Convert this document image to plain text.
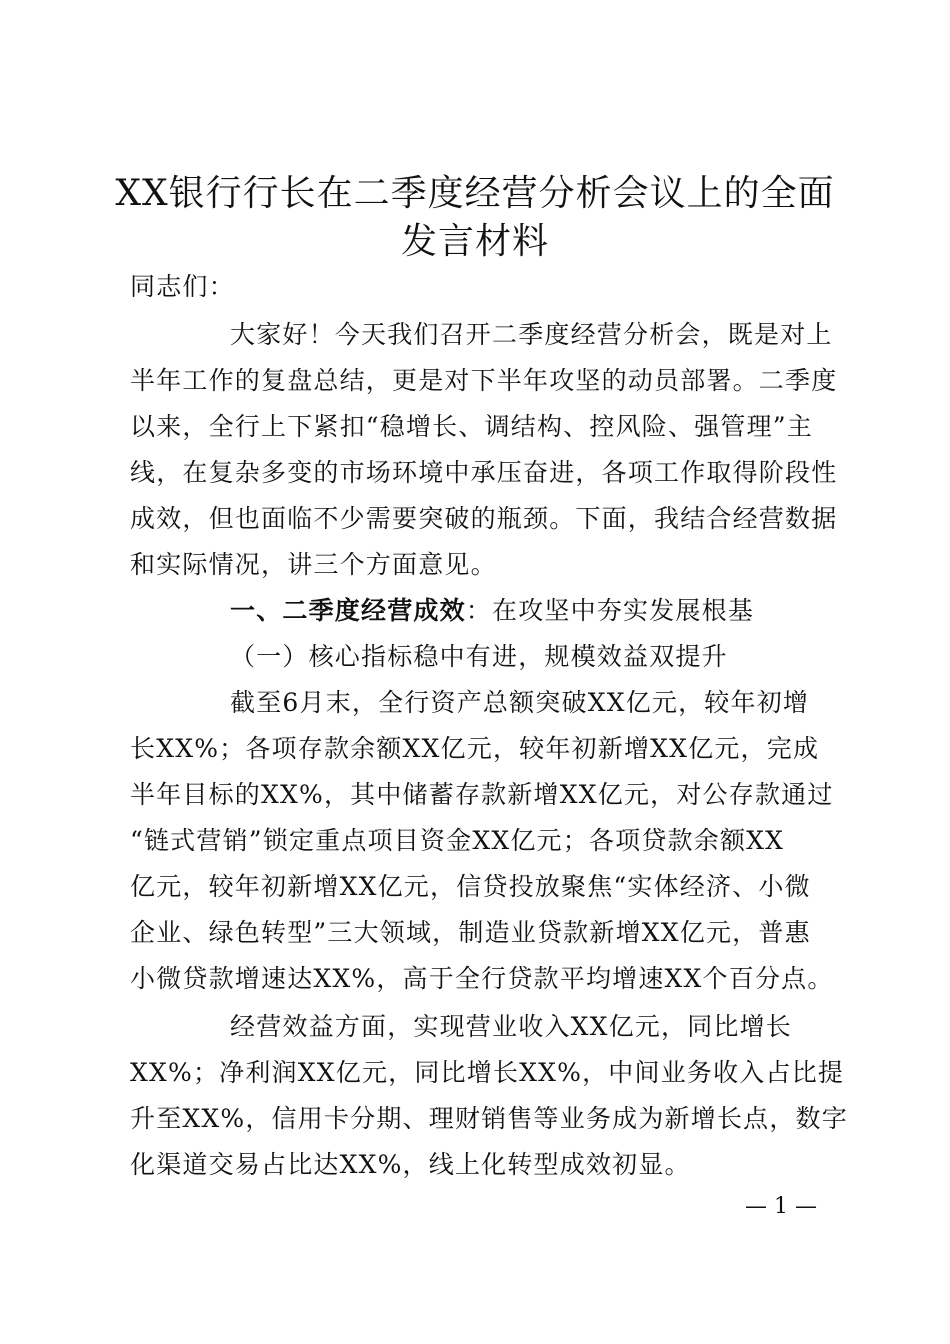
XX银行行长在二季度经营分析会议上的全面
发言材料
同志们：
大家好！今天我们召开二季度经营分析会，既是对上
半年工作的复盘总结，更是对下半年攻坚的动员部署。二季度
以来，全行上下紧扣“稳增长、调结构、控风险、强管理”主
线，在复杂多变的市场环境中承压奋进，各项工作取得阶段性
成效，但也面临不少需要突破的瓶颈。下面，我结合经营数据
和实际情况，讲三个方面意见。
一、二季度经营成效：在攻坚中夯实发展根基
（一）核心指标稳中有进，规模效益双提升
截至6月末，全行资产总额突破XX亿元，较年初增
长XX%；各项存款余额XX亿元，较年初新增XX亿元，完成
半年目标的XX%，其中储蓄存款新增XX亿元，对公存款通过
“链式营销”锁定重点项目资金XX亿元；各项贷款余额XX
亿元，较年初新增XX亿元，信贷投放聚焦“实体经济、小微
企业、绿色转型”三大领域，制造业贷款新增XX亿元，普惠
小微贷款增速达XX%，高于全行贷款平均增速XX个百分点。
经营效益方面，实现营业收入XX亿元，同比增长
XX%；净利润XX亿元，同比增长XX%，中间业务收入占比提
升至XX%，信用卡分期、理财销售等业务成为新增长点，数字
化渠道交易占比达XX%，线上化转型成效初显。
— 1 —
